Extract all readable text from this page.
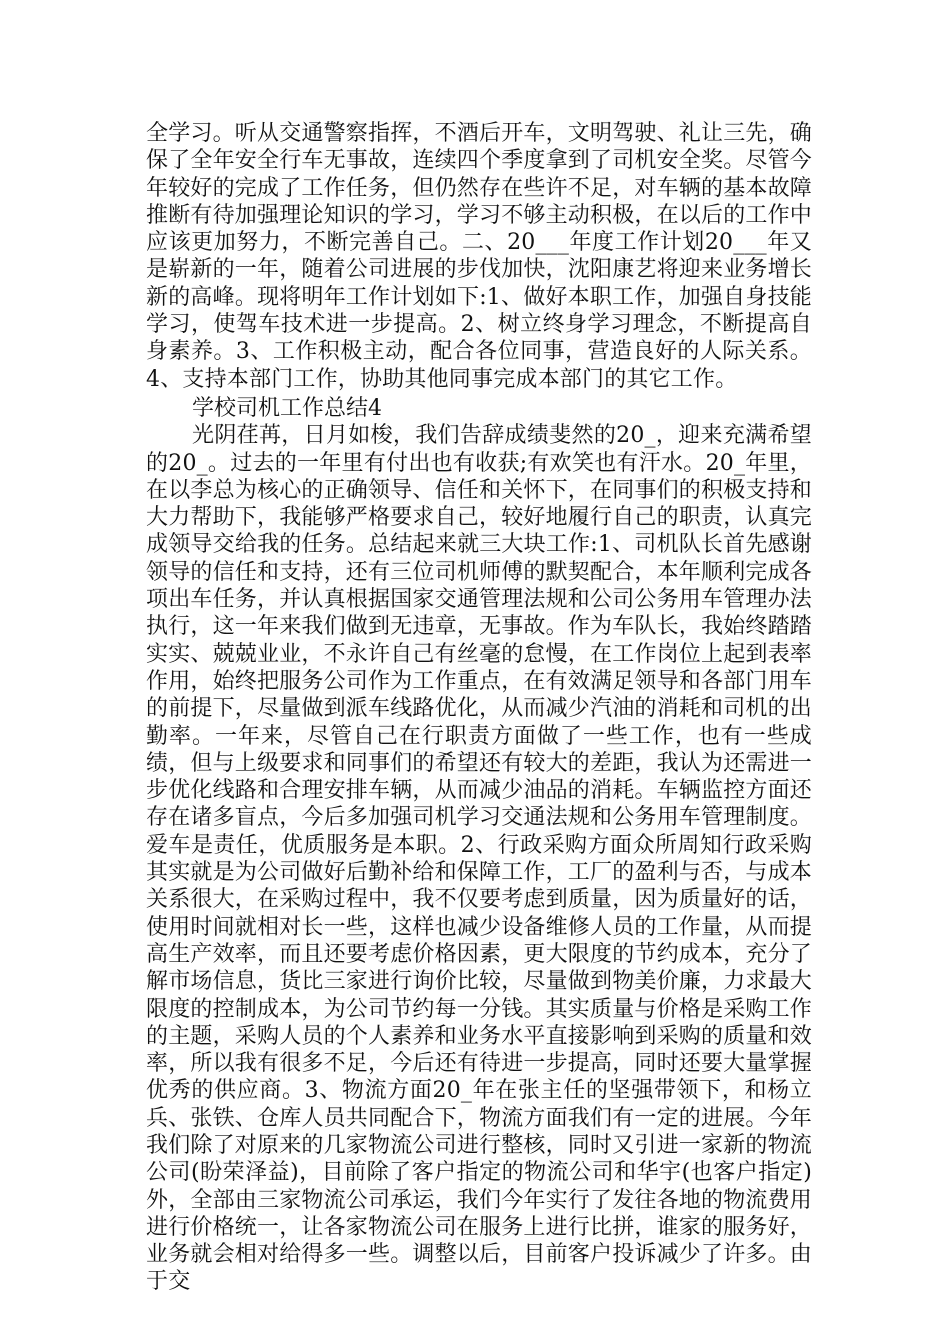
全学习。听从交通警察指挥，不酒后开车，文明驾驶、礼让三先，确保了全年安全行车无事故，连续四个季度拿到了司机安全奖。尽管今年较好的完成了工作任务，但仍然存在些许不足，对车辆的基本故障推断有待加强理论知识的学习，学习不够主动积极，在以后的工作中应该更加努力，不断完善自己。二、20___年度工作计划20___年又是崭新的一年，随着公司进展的步伐加快，沈阳康艺将迎来业务增长新的高峰。现将明年工作计划如下:1、做好本职工作，加强自身技能学习，使驾车技术进一步提高。2、树立终身学习理念，不断提高自身素养。3、工作积极主动，配合各位同事，营造良好的人际关系。4、支持本部门工作，协助其他同事完成本部门的其它工作。

学校司机工作总结4

光阴荏苒，日月如梭，我们告辞成绩斐然的20_，迎来充满希望的20_。过去的一年里有付出也有收获;有欢笑也有汗水。20_年里，在以李总为核心的正确领导、信任和关怀下，在同事们的积极支持和大力帮助下，我能够严格要求自己，较好地履行自己的职责，认真完成领导交给我的任务。总结起来就三大块工作:1、司机队长首先感谢领导的信任和支持，还有三位司机师傅的默契配合，本年顺利完成各项出车任务，并认真根据国家交通管理法规和公司公务用车管理办法执行，这一年来我们做到无违章，无事故。作为车队长，我始终踏踏实实、兢兢业业，不永许自己有丝毫的怠慢，在工作岗位上起到表率作用，始终把服务公司作为工作重点，在有效满足领导和各部门用车的前提下，尽量做到派车线路优化，从而减少汽油的消耗和司机的出勤率。一年来，尽管自己在行职责方面做了一些工作，也有一些成绩，但与上级要求和同事们的希望还有较大的差距，我认为还需进一步优化线路和合理安排车辆，从而减少油品的消耗。车辆监控方面还存在诸多盲点，今后多加强司机学习交通法规和公务用车管理制度。爱车是责任，优质服务是本职。2、行政采购方面众所周知行政采购其实就是为公司做好后勤补给和保障工作，工厂的盈利与否，与成本关系很大，在采购过程中，我不仅要考虑到质量，因为质量好的话，使用时间就相对长一些，这样也减少设备维修人员的工作量，从而提高生产效率，而且还要考虑价格因素，更大限度的节约成本，充分了解市场信息，货比三家进行询价比较，尽量做到物美价廉，力求最大限度的控制成本，为公司节约每一分钱。其实质量与价格是采购工作的主题，采购人员的个人素养和业务水平直接影响到采购的质量和效率，所以我有很多不足，今后还有待进一步提高，同时还要大量掌握优秀的供应商。3、物流方面20_年在张主任的坚强带领下，和杨立兵、张铁、仓库人员共同配合下，物流方面我们有一定的进展。今年我们除了对原来的几家物流公司进行整核，同时又引进一家新的物流公司(盼荣泽益)，目前除了客户指定的物流公司和华宇(也客户指定)外，全部由三家物流公司承运，我们今年实行了发往各地的物流费用进行价格统一，让各家物流公司在服务上进行比拼，谁家的服务好，业务就会相对给得多一些。调整以后，目前客户投诉减少了许多。由于交
